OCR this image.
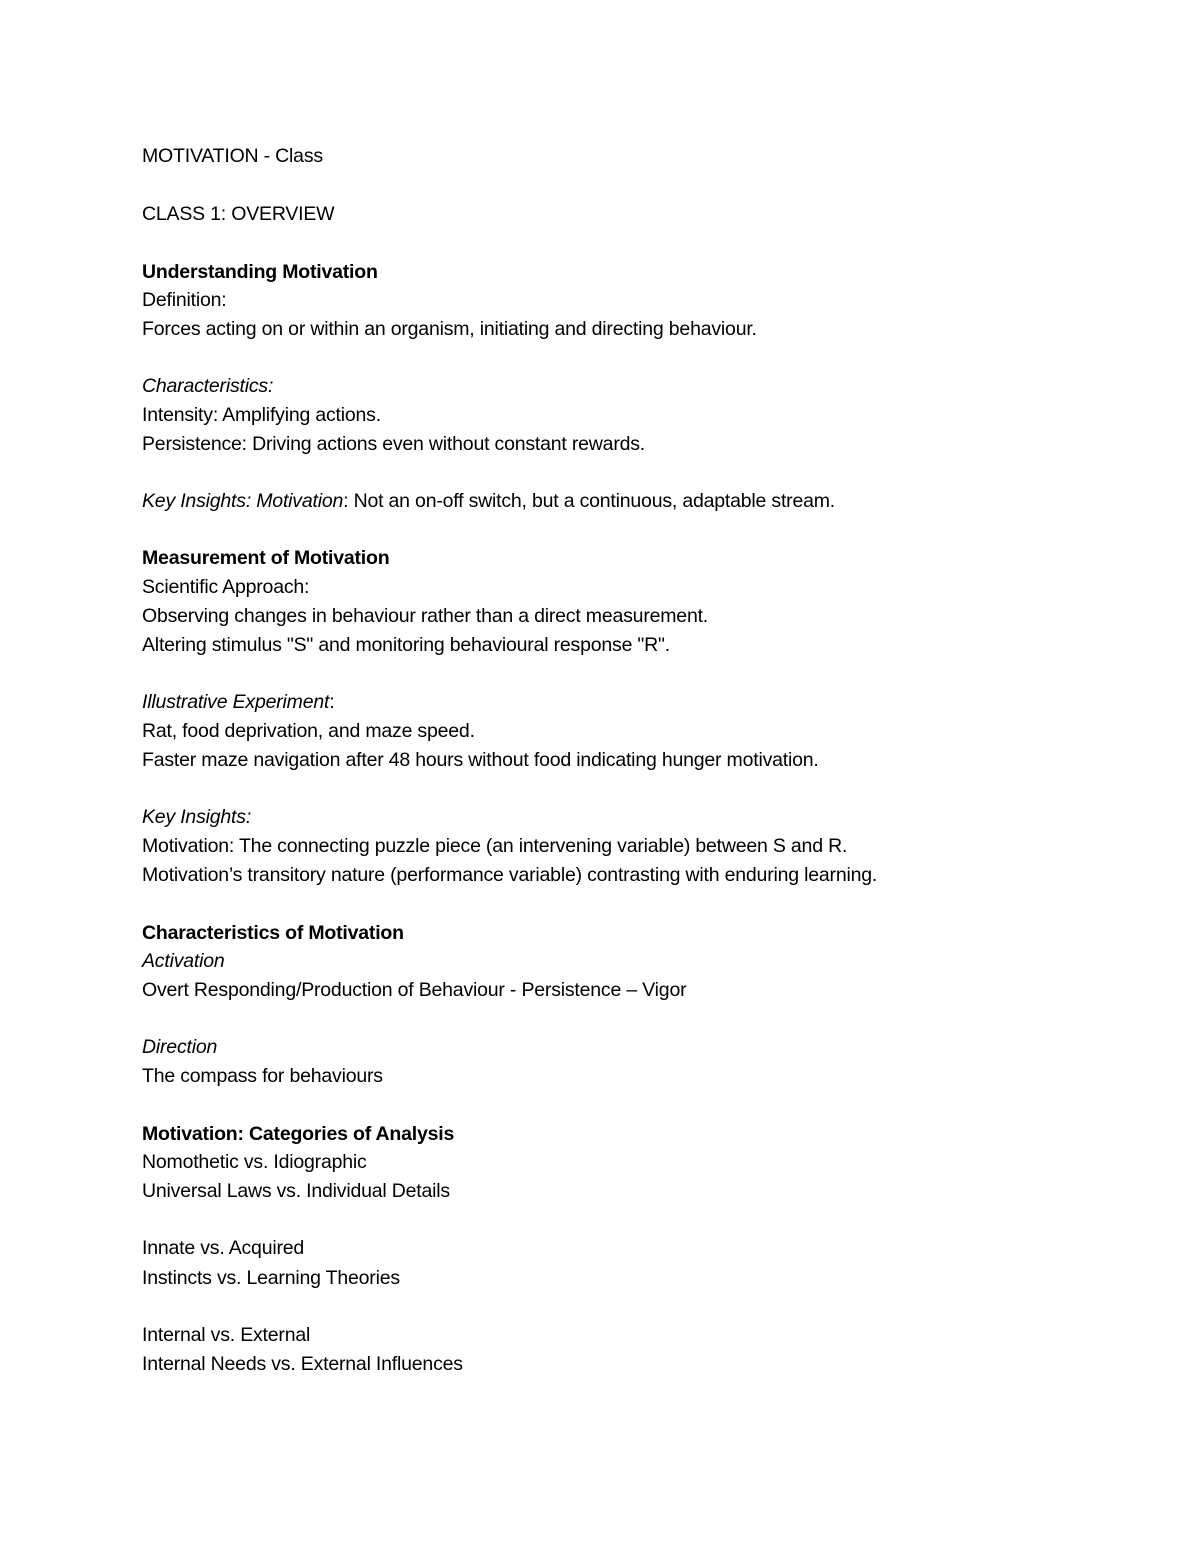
MOTIVATION - Class
CLASS 1: OVERVIEW
Understanding Motivation
Definition:
Forces acting on or within an organism, initiating and directing behaviour.
Characteristics:
Intensity: Amplifying actions.
Persistence: Driving actions even without constant rewards.
Key Insights: Motivation: Not an on-off switch, but a continuous, adaptable stream.
Measurement of Motivation
Scientific Approach:
Observing changes in behaviour rather than a direct measurement.
Altering stimulus "S" and monitoring behavioural response "R".
Illustrative Experiment:
Rat, food deprivation, and maze speed.
Faster maze navigation after 48 hours without food indicating hunger motivation.
Key Insights:
Motivation: The connecting puzzle piece (an intervening variable) between S and R.
Motivation’s transitory nature (performance variable) contrasting with enduring learning.
Characteristics of Motivation
Activation
Overt Responding/Production of Behaviour - Persistence – Vigor
Direction
The compass for behaviours
Motivation: Categories of Analysis
Nomothetic vs. Idiographic
Universal Laws vs. Individual Details
Innate vs. Acquired
Instincts vs. Learning Theories
Internal vs. External
Internal Needs vs. External Influences
